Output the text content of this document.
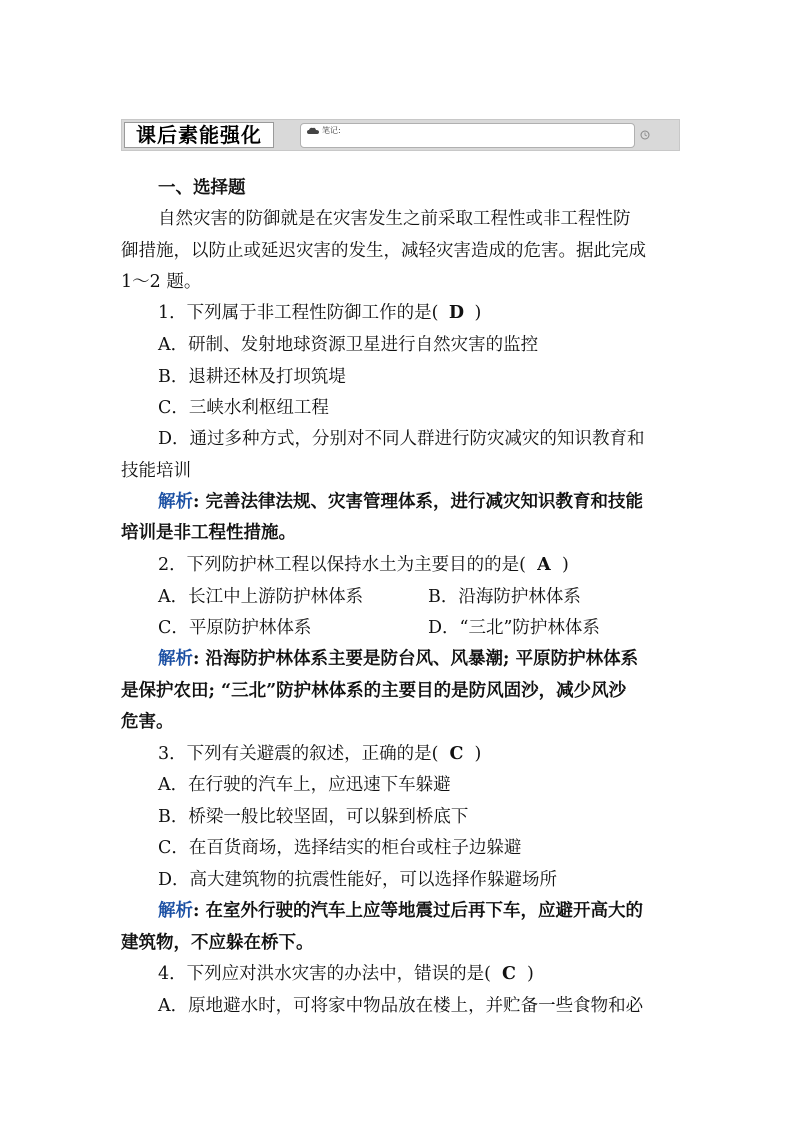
课后素能强化	笔记:
一、选择题
自然灾害的防御就是在灾害发生之前采取工程性或非工程性防
御措施，以防止或延迟灾害的发生，减轻灾害造成的危害。据此完成
1～2 题。
1．下列属于非工程性防御工作的是( D )
A．研制、发射地球资源卫星进行自然灾害的监控
B．退耕还林及打坝筑堤
C．三峡水利枢纽工程
D．通过多种方式，分别对不同人群进行防灾减灾的知识教育和
技能培训
解析: 完善法律法规、灾害管理体系，进行减灾知识教育和技能
培训是非工程性措施。
2．下列防护林工程以保持水土为主要目的的是( A )
A．长江中上游防护林体系	B．沿海防护林体系
C．平原防护林体系	D．“三北”防护林体系
解析: 沿海防护林体系主要是防台风、风暴潮; 平原防护林体系
是保护农田; “三北”防护林体系的主要目的是防风固沙，减少风沙
危害。
3．下列有关避震的叙述，正确的是( C )
A．在行驶的汽车上，应迅速下车躲避
B．桥梁一般比较坚固，可以躲到桥底下
C．在百货商场，选择结实的柜台或柱子边躲避
D．高大建筑物的抗震性能好，可以选择作躲避场所
解析: 在室外行驶的汽车上应等地震过后再下车，应避开高大的
建筑物，不应躲在桥下。
4．下列应对洪水灾害的办法中，错误的是( C )
A．原地避水时，可将家中物品放在楼上，并贮备一些食物和必
